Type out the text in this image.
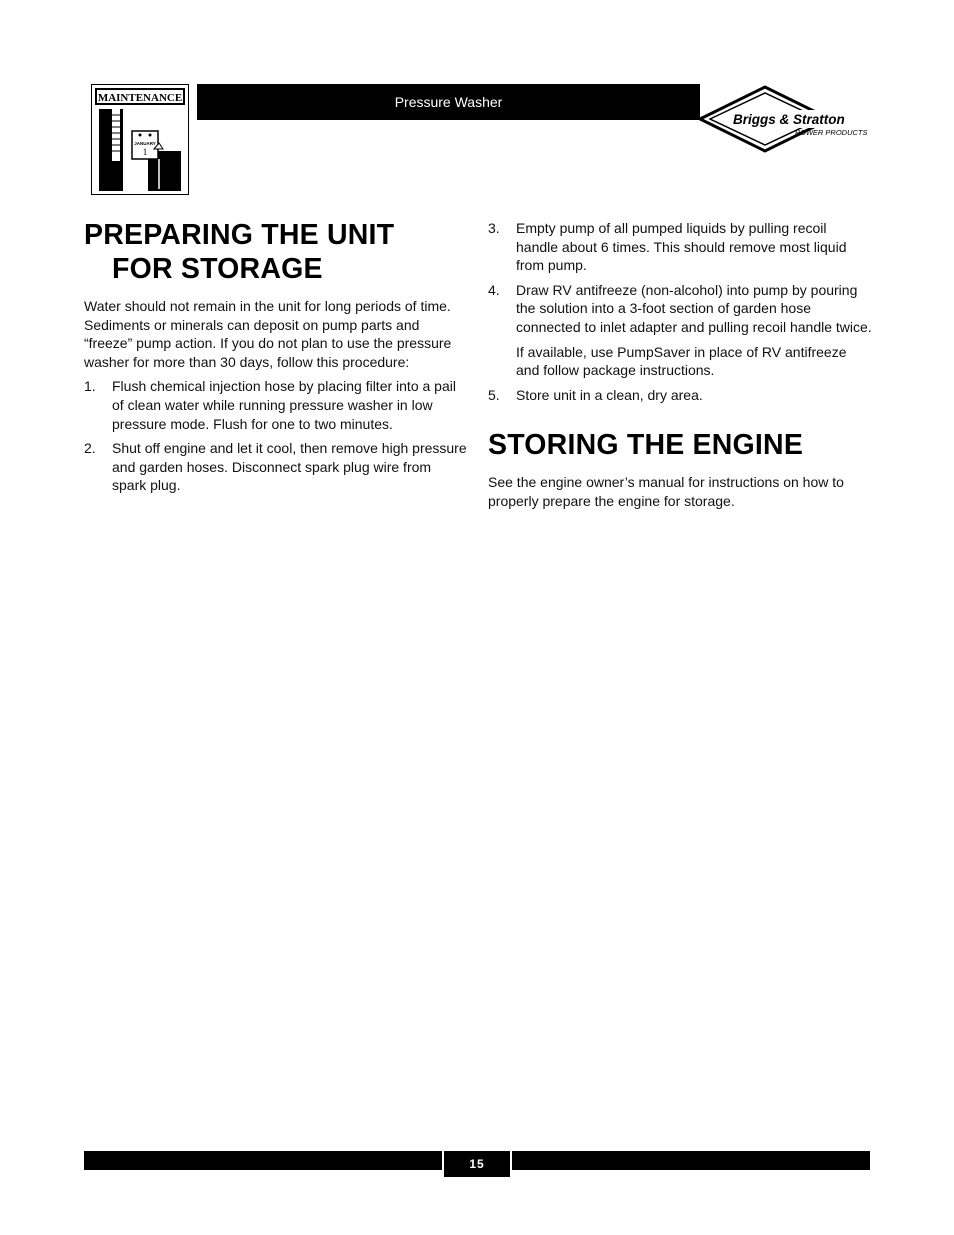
MAINTENANCE
JANUARY
1
Pressure Washer
Briggs & Stratton
POWER PRODUCTS
PREPARING THE UNIT
FOR STORAGE

Water should not remain in the unit for long periods of time. Sediments or minerals can deposit on pump parts and “freeze” pump action. If you do not plan to use the pressure washer for more than 30 days, follow this procedure:

1. Flush chemical injection hose by placing filter into a pail of clean water while running pressure washer in low pressure mode. Flush for one to two minutes.
2. Shut off engine and let it cool, then remove high pressure and garden hoses. Disconnect spark plug wire from spark plug.
3. Empty pump of all pumped liquids by pulling recoil handle about 6 times. This should remove most liquid from pump.
4. Draw RV antifreeze (non-alcohol) into pump by pouring the solution into a 3-foot section of garden hose connected to inlet adapter and pulling recoil handle twice.

If available, use PumpSaver in place of RV antifreeze and follow package instructions.

5. Store unit in a clean, dry area.
STORING THE ENGINE

See the engine owner’s manual for instructions on how to properly prepare the engine for storage.

15
